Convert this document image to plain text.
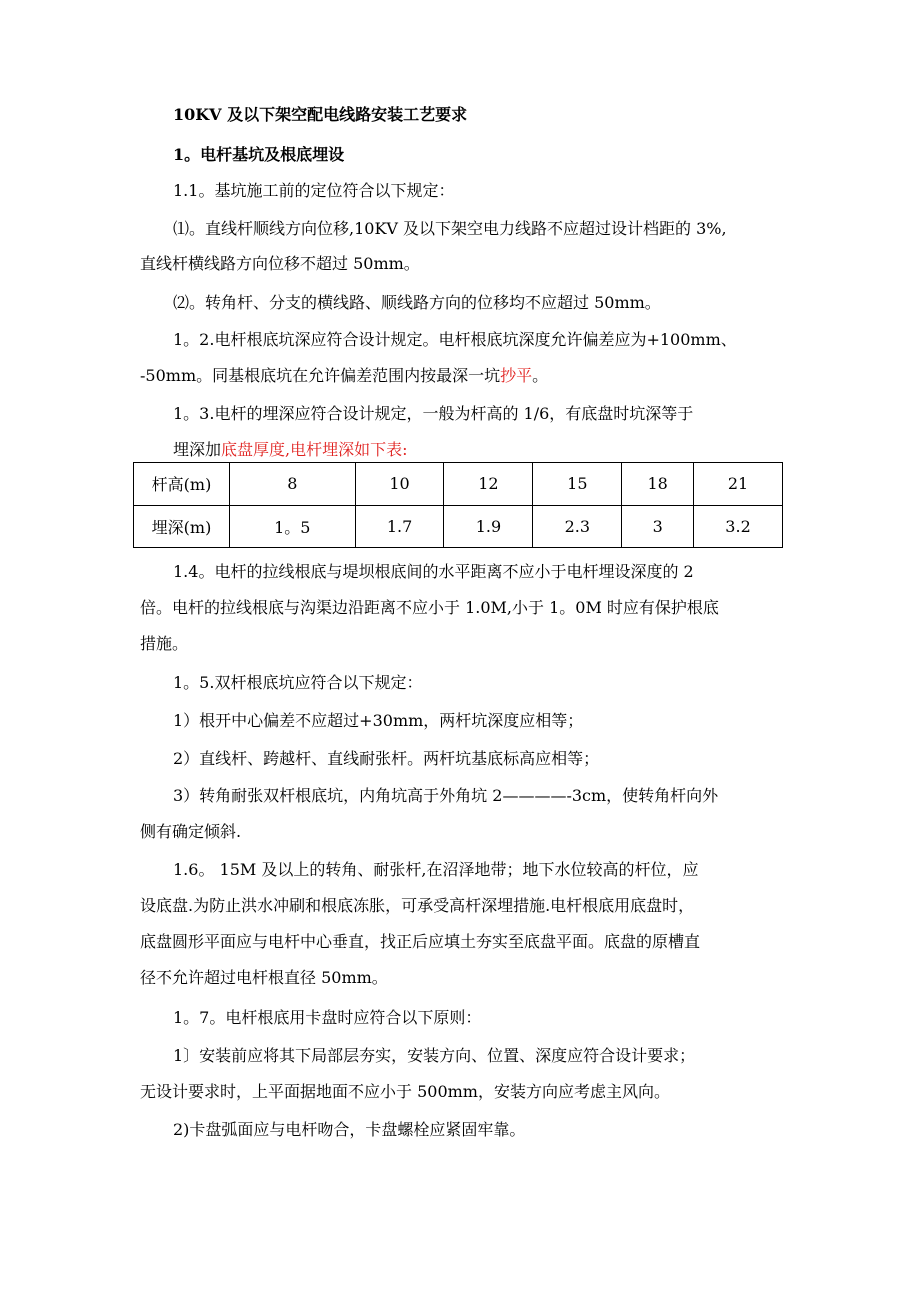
10KV 及以下架空配电线路安装工艺要求
1。电杆基坑及根底埋设
1.1。基坑施工前的定位符合以下规定：
⑴。直线杆顺线方向位移,10KV 及以下架空电力线路不应超过设计档距的 3%,
直线杆横线路方向位移不超过 50mm。
⑵。转角杆、分支的横线路、顺线路方向的位移均不应超过 50mm。
1。2.电杆根底坑深应符合设计规定。电杆根底坑深度允许偏差应为+100mm、
-50mm。同基根底坑在允许偏差范围内按最深一坑抄平。
1。3.电杆的埋深应符合设计规定，一般为杆高的 1/6，有底盘时坑深等于
埋深加底盘厚度,电杆埋深如下表:
杆高(m)	8	10	12	15	18	21
埋深(m)	1。5	1.7	1.9	2.3	3	3.2
1.4。电杆的拉线根底与堤坝根底间的水平距离不应小于电杆埋设深度的 2
倍。电杆的拉线根底与沟渠边沿距离不应小于 1.0M,小于 1。0M 时应有保护根底
措施。
1。5.双杆根底坑应符合以下规定：
1）根开中心偏差不应超过+30mm，两杆坑深度应相等；
2）直线杆、跨越杆、直线耐张杆。两杆坑基底标高应相等；
3）转角耐张双杆根底坑，内角坑高于外角坑 2————-3cm，使转角杆向外
侧有确定倾斜.
1.6。 15M 及以上的转角、耐张杆,在沼泽地带；地下水位较高的杆位，应
设底盘.为防止洪水冲刷和根底冻胀，可承受高杆深埋措施.电杆根底用底盘时，
底盘圆形平面应与电杆中心垂直，找正后应填土夯实至底盘平面。底盘的原槽直
径不允许超过电杆根直径 50mm。
1。7。电杆根底用卡盘时应符合以下原则：
1〕安装前应将其下局部层夯实，安装方向、位置、深度应符合设计要求；
无设计要求时，上平面据地面不应小于 500mm，安装方向应考虑主风向。
2)卡盘弧面应与电杆吻合，卡盘螺栓应紧固牢靠。
